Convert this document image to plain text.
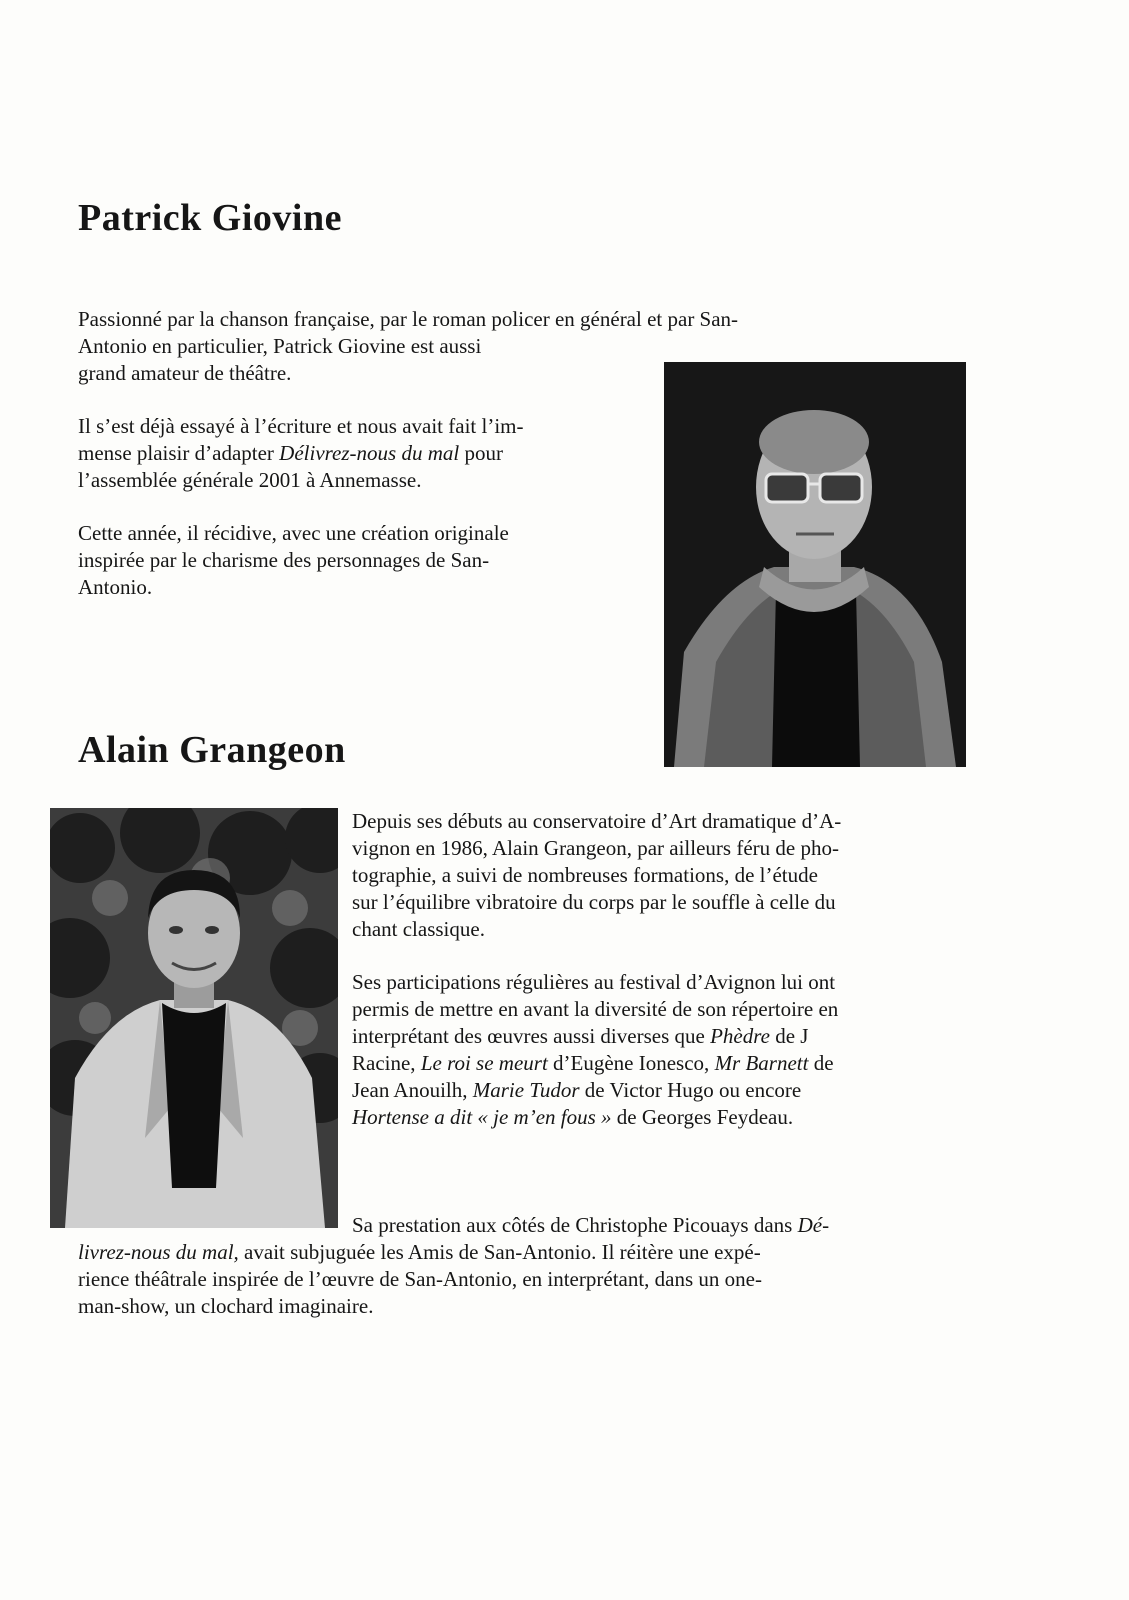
Patrick Giovine

Passionné par la chanson française, par le roman policer en général et par San-
Antonio en particulier, Patrick Giovine est aussi
grand amateur de théâtre.

Il s’est déjà essayé à l’écriture et nous avait fait l’im-
mense plaisir d’adapter Délivrez-nous du mal pour
l’assemblée générale 2001 à Annemasse.

Cette année, il récidive, avec une création originale
inspirée par le charisme des personnages de San-
Antonio.

Alain Grangeon

Depuis ses débuts au conservatoire d’Art dramatique d’A-
vignon en 1986, Alain Grangeon, par ailleurs féru de pho-
tographie, a suivi de nombreuses formations, de l’étude
sur l’équilibre vibratoire du corps par le souffle à celle du
chant classique.

Ses participations régulières au festival d’Avignon lui ont
permis de mettre en avant la diversité de son répertoire en
interprétant des œuvres aussi diverses que Phèdre de J
Racine, Le roi se meurt d’Eugène Ionesco, Mr Barnett de
Jean Anouilh, Marie Tudor de Victor Hugo ou encore
Hortense a dit « je m’en fous » de Georges Feydeau.

Sa prestation aux côtés de Christophe Picouays dans Dé-
livrez-nous du mal, avait subjuguée les Amis de San-Antonio. Il réitère une expé-
rience théâtrale inspirée de l’œuvre de San-Antonio, en interprétant, dans un one-
man-show, un clochard imaginaire.
